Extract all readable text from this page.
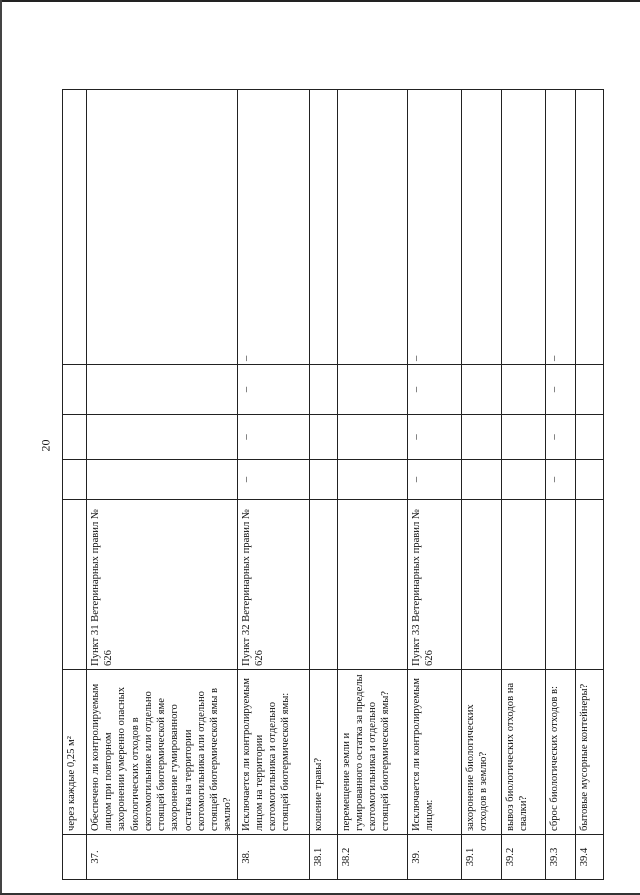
20
	через каждые 0,25 м²					
37.	Обеспечено ли контролируемым лицом при повторном захоронении умеренно опасных биологических отходов в скотомогильнике или отдельно стоящей биотермической яме захоронение гумированного остатка на территории скотомогильника или отдельно стоящей биотермической ямы в землю?	Пункт 31 Ветеринарных правил № 626				
38.	Исключается ли контролируемым лицом на территории скотомогильника и отдельно стоящей биотермической ямы:	Пункт 32 Ветеринарных правил № 626	–	–	–	–
38.1	кошение травы?					
38.2	перемещение земли и гумированного остатка за пределы скотомогильника и отдельно стоящей биотермической ямы?					
39.	Исключается ли контролируемым лицом:	Пункт 33 Ветеринарных правил № 626	–	–	–	–
39.1	захоронение биологических отходов в землю?					
39.2	вывоз биологических отходов на свалки?					
39.3	сброс биологических отходов в:		–	–	–	–
39.4	бытовые мусорные контейнеры?					
